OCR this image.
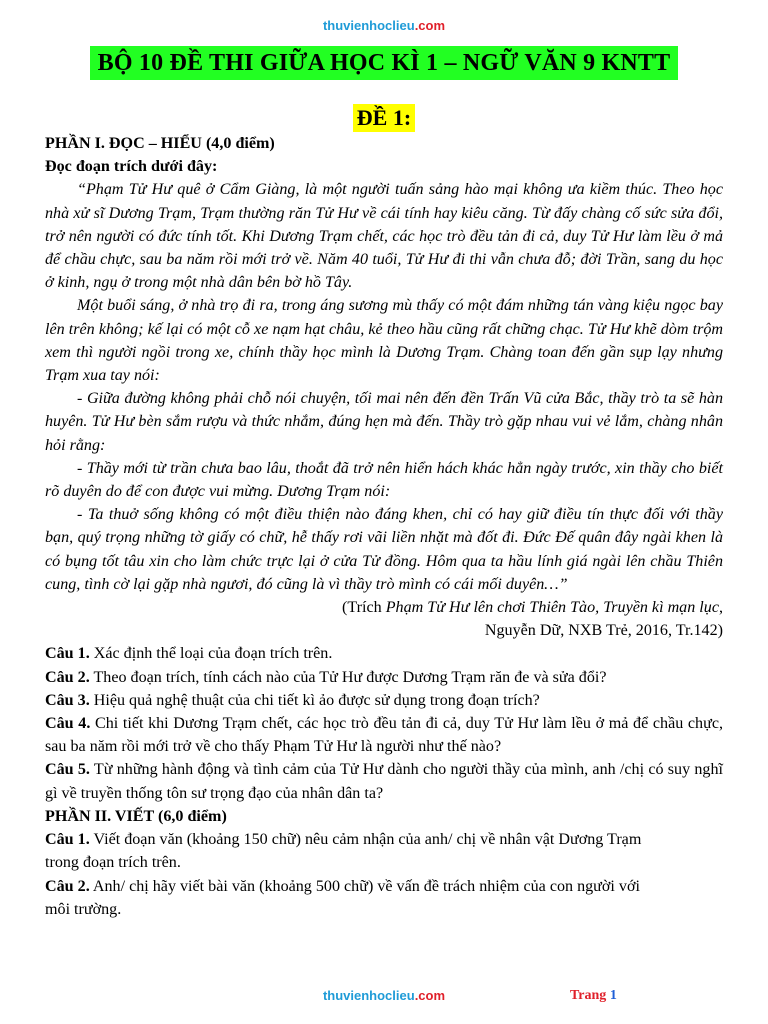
thuvienhoclieu.com
BỘ 10 ĐỀ THI GIỮA HỌC KÌ 1 – NGỮ VĂN 9 KNTT
ĐỀ 1:

PHẦN I. ĐỌC – HIỂU (4,0 điểm)

Đọc đoạn trích dưới đây:

“Phạm Tử Hư quê ở Cẩm Giàng, là một người tuấn sảng hào mại không ưa kiềm thúc. Theo học nhà xử sĩ Dương Trạm, Trạm thường răn Tử Hư về cái tính hay kiêu căng. Từ đấy chàng cố sức sửa đổi, trở nên người có đức tính tốt. Khi Dương Trạm chết, các học trò đều tản đi cả, duy Tử Hư làm lều ở mả để chầu chực, sau ba năm rồi mới trở về. Năm 40 tuổi, Tử Hư đi thi vẫn chưa đỗ; đời Trần, sang du học ở kinh, ngụ ở trong một nhà dân bên bờ hồ Tây.

Một buổi sáng, ở nhà trọ đi ra, trong áng sương mù thấy có một đám những tán vàng kiệu ngọc bay lên trên không; kế lại có một cỗ xe nạm hạt châu, kẻ theo hầu cũng rất chững chạc. Tử Hư khẽ dòm trộm xem thì người ngồi trong xe, chính thầy học mình là Dương Trạm. Chàng toan đến gần sụp lạy nhưng Trạm xua tay nói:

- Giữa đường không phải chỗ nói chuyện, tối mai nên đến đền Trấn Vũ cửa Bắc, thầy trò ta sẽ hàn huyên. Tử Hư bèn sắm rượu và thức nhắm, đúng hẹn mà đến. Thầy trò gặp nhau vui vẻ lắm, chàng nhân hỏi rằng:

- Thầy mới từ trần chưa bao lâu, thoắt đã trở nên hiển hách khác hẳn ngày trước, xin thầy cho biết rõ duyên do để con được vui mừng. Dương Trạm nói:

- Ta thuở sống không có một điều thiện nào đáng khen, chỉ có hay giữ điều tín thực đối với thầy bạn, quý trọng những tờ giấy có chữ, hễ thấy rơi vãi liền nhặt mà đốt đi. Đức Đế quân đây ngài khen là có bụng tốt tâu xin cho làm chức trực lại ở cửa Tử đồng. Hôm qua ta hầu lính giá ngài lên chầu Thiên cung, tình cờ lại gặp nhà ngươi, đó cũng là vì thầy trò mình có cái mối duyên…”

(Trích Phạm Tử Hư lên chơi Thiên Tào, Truyền kì mạn lục,

Nguyễn Dữ, NXB Trẻ, 2016, Tr.142)

Câu 1. Xác định thể loại của đoạn trích trên.

Câu 2. Theo đoạn trích, tính cách nào của Tử Hư được Dương Trạm răn đe và sửa đổi?

Câu 3. Hiệu quả nghệ thuật của chi tiết kì ảo được sử dụng trong đoạn trích?

Câu 4. Chi tiết khi Dương Trạm chết, các học trò đều tản đi cả, duy Tử Hư làm lều ở mả để chầu chực, sau ba năm rồi mới trở về cho thấy Phạm Tử Hư là người như thế nào?

Câu 5. Từ những hành động và tình cảm của Tử Hư dành cho người thầy của mình, anh /chị có suy nghĩ gì về truyền thống tôn sư trọng đạo của nhân dân ta?

PHẦN II. VIẾT (6,0 điểm)

Câu 1. Viết đoạn văn (khoảng 150 chữ) nêu cảm nhận của anh/ chị về nhân vật Dương Trạm trong đoạn trích trên.

Câu 2. Anh/ chị hãy viết bài văn (khoảng 500 chữ) về vấn đề trách nhiệm của con người với môi trường.

thuvienhoclieu.com	Trang 1
